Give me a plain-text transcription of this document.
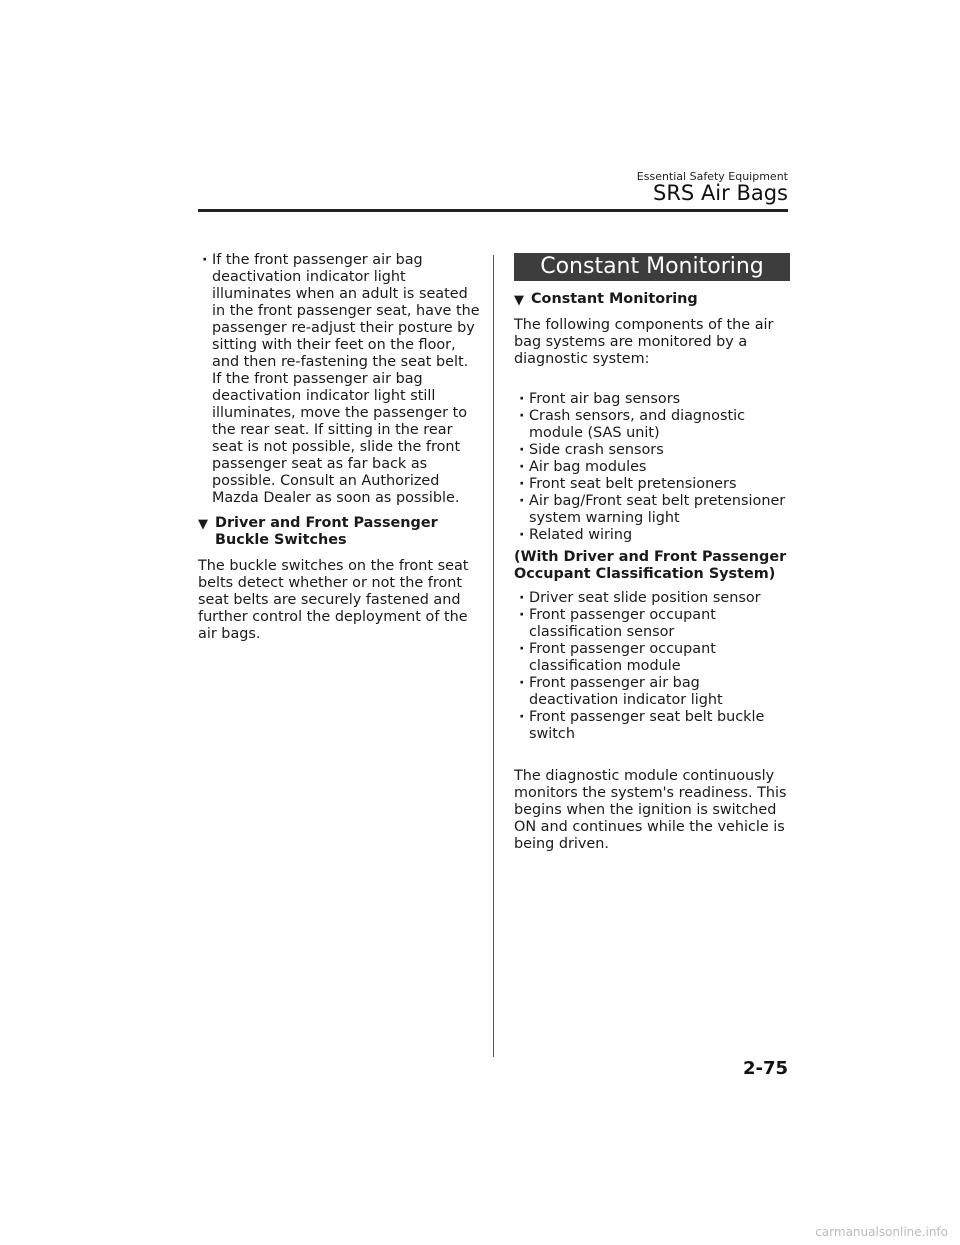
Essential Safety Equipment
SRS Air Bags
· If the front passenger air bag deactivation indicator light illuminates when an adult is seated in the front passenger seat, have the passenger re-adjust their posture by sitting with their feet on the floor, and then re-fastening the seat belt. If the front passenger air bag deactivation indicator light still illuminates, move the passenger to the rear seat. If sitting in the rear seat is not possible, slide the front passenger seat as far back as possible. Consult an Authorized Mazda Dealer as soon as possible.
▼ Driver and Front Passenger Buckle Switches

The buckle switches on the front seat belts detect whether or not the front seat belts are securely fastened and further control the deployment of the air bags.

Constant Monitoring
▼ Constant Monitoring

The following components of the air bag systems are monitored by a diagnostic system:

· Front air bag sensors
· Crash sensors, and diagnostic module (SAS unit)
· Side crash sensors
· Air bag modules
· Front seat belt pretensioners
· Air bag/Front seat belt pretensioner system warning light
· Related wiring

(With Driver and Front Passenger Occupant Classification System)

· Driver seat slide position sensor
· Front passenger occupant classification sensor
· Front passenger occupant classification module
· Front passenger air bag deactivation indicator light
· Front passenger seat belt buckle switch

The diagnostic module continuously monitors the system's readiness. This begins when the ignition is switched ON and continues while the vehicle is being driven.

2-75
carmanualsonline.info
